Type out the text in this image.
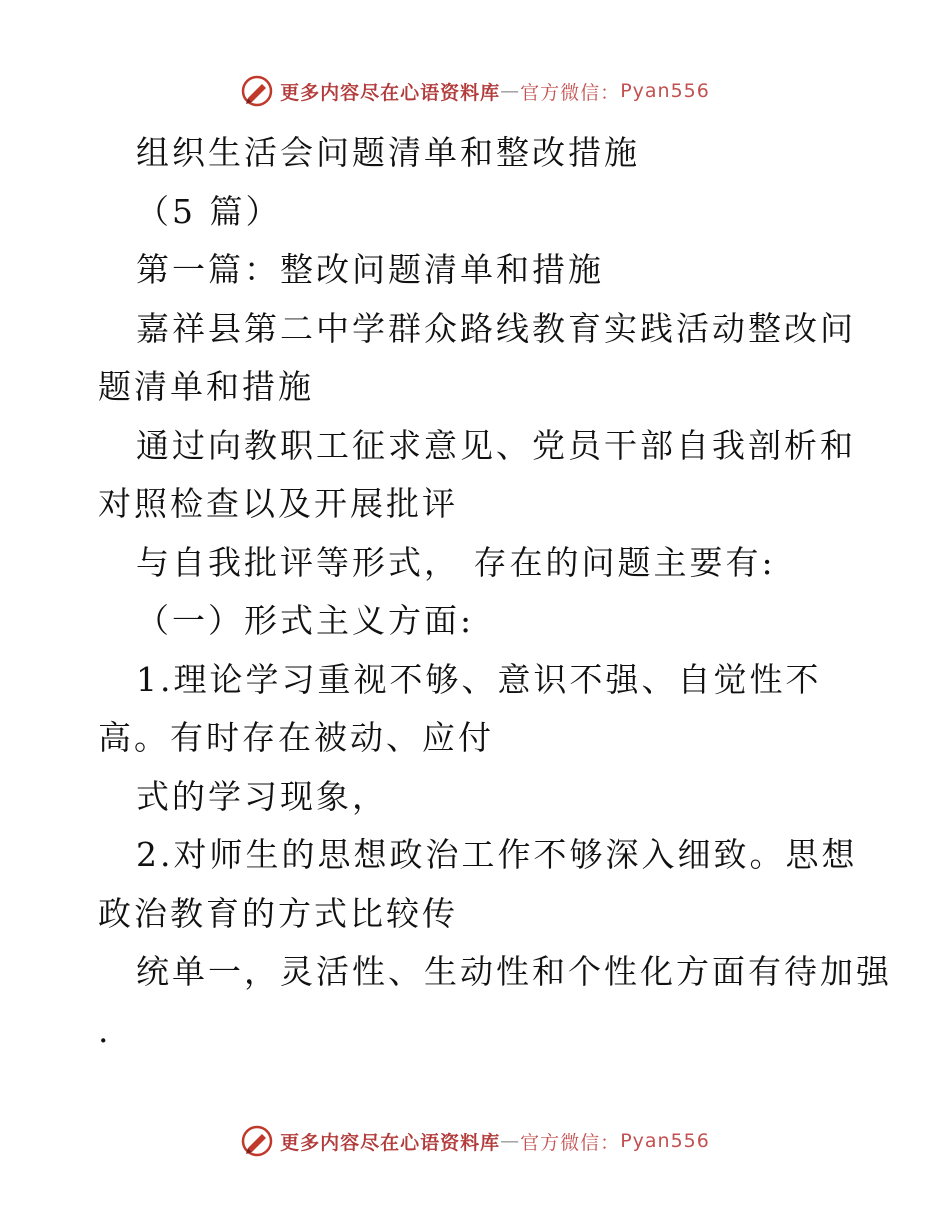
更多内容尽在心语资料库 — 官方微信： Pyan556

组织生活会问题清单和整改措施

（5 篇）

第一篇：整改问题清单和措施

嘉祥县第二中学群众路线教育实践活动整改问题清单和措施

通过向教职工征求意见、党员干部自我剖析和对照检查以及开展批评

与自我批评等形式， 存在的问题主要有:

（一）形式主义方面:

1.理论学习重视不够、意识不强、自觉性不高。有时存在被动、应付

式的学习现象，

2.对师生的思想政治工作不够深入细致。思想政治教育的方式比较传

统单一，灵活性、生动性和个性化方面有待加强

.

更多内容尽在心语资料库 — 官方微信： Pyan556
